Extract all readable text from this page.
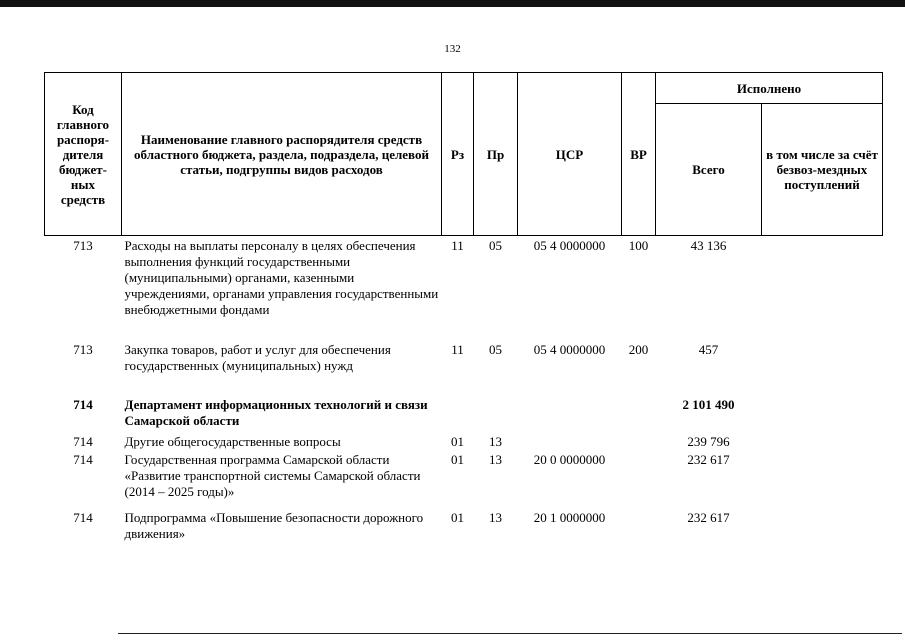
132
Код главного распоря-дителя бюджет-ных средств	Наименование главного распорядителя средств областного бюджета, раздела, подраздела, целевой статьи, подгруппы видов расходов	Рз	Пр	ЦСР	ВР	Исполнено	
						Всего	в том числе за счёт безвоз-мездных поступлений
713	Расходы на выплаты персоналу в целях обеспечения выполнения функций государственными (муниципальными) органами, казенными учреждениями, органами управления государственными внебюджетными фондами	11	05	05 4 0000000	100	43 136	
713	Закупка товаров, работ и услуг для обеспечения государственных (муниципальных) нужд	11	05	05 4 0000000	200	457	
714	Департамент информационных технологий и связи Самарской области					2 101 490	
714	Другие общегосударственные вопросы	01	13			239 796	
714	Государственная программа Самарской области «Развитие транспортной системы Самарской области (2014 – 2025 годы)»	01	13	20 0 0000000		232 617	
714	Подпрограмма «Повышение безопасности дорожного движения»	01	13	20 1 0000000		232 617	
